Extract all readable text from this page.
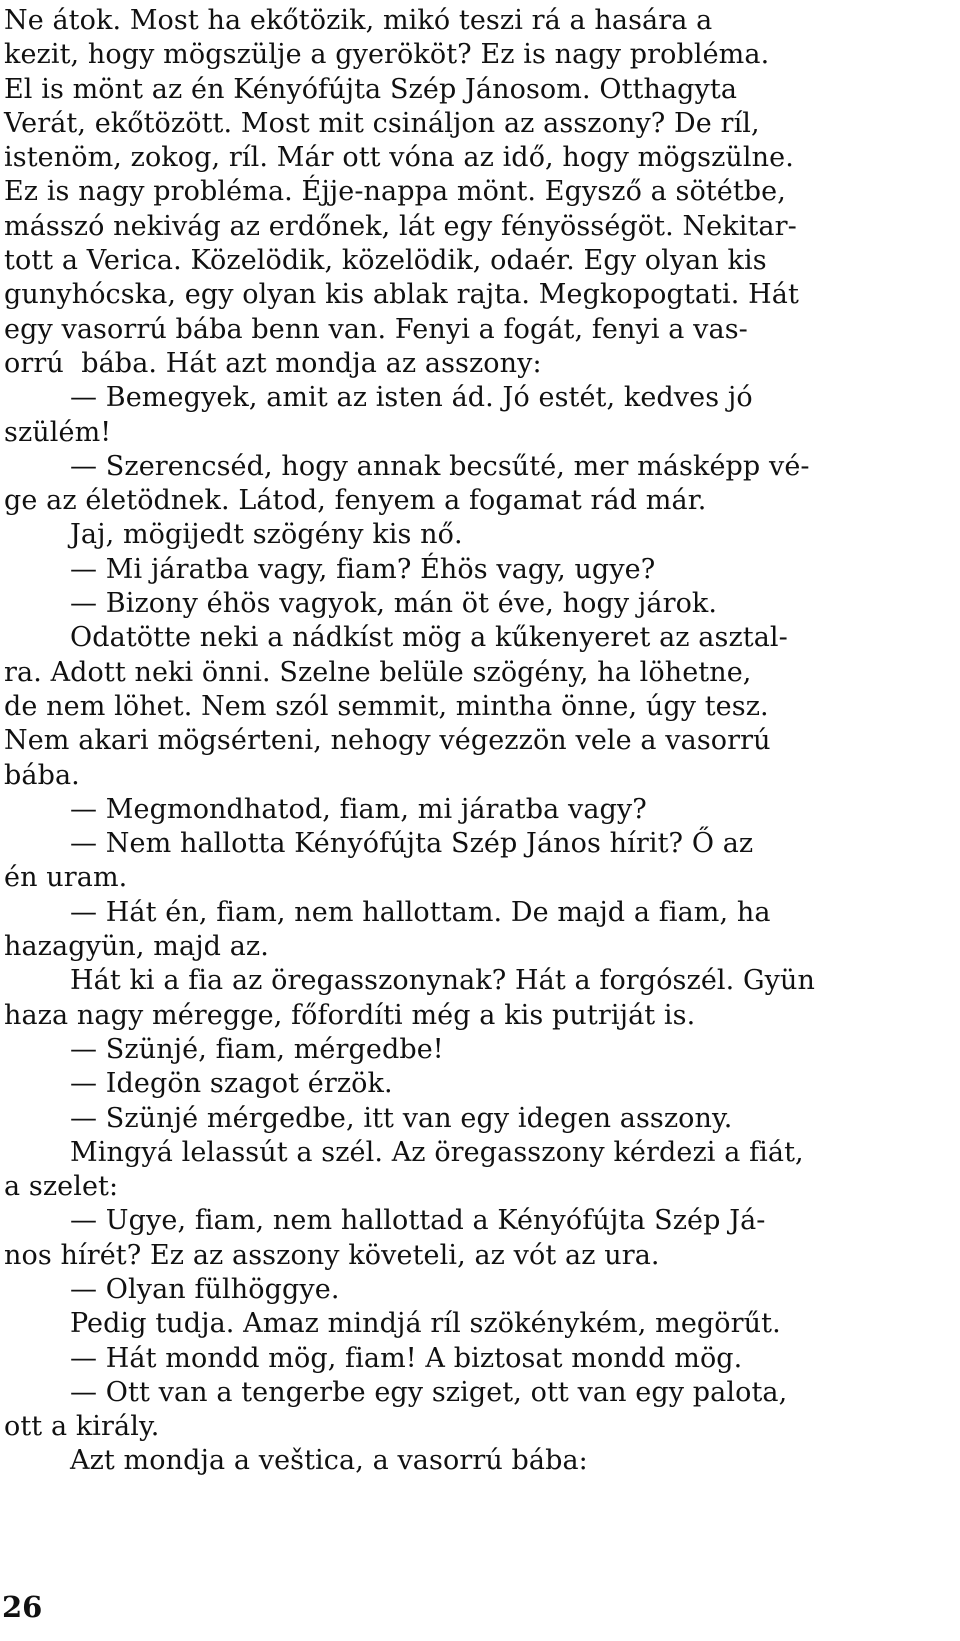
Ne átok. Most ha ekőtözik, mikó teszi rá a hasára a
kezit, hogy mögszülje a gyerököt? Ez is nagy probléma.
El is mönt az én Kényófújta Szép Jánosom. Otthagyta
Verát, ekőtözött. Most mit csináljon az asszony? De ríl,
istenöm, zokog, ríl. Már ott vóna az idő, hogy mögszülne.
Ez is nagy probléma. Éjje-nappa mönt. Egysző a sötétbe,
másszó nekivág az erdőnek, lát egy fényösségöt. Nekitar-
tott a Verica. Közelödik, közelödik, odaér. Egy olyan kis
gunyhócska, egy olyan kis ablak rajta. Megkopogtati. Hát
egy vasorrú bába benn van. Fenyi a fogát, fenyi a vas-
orrú  bába. Hát azt mondja az asszony:
— Bemegyek, amit az isten ád. Jó estét, kedves jó
szülém!
— Szerencséd, hogy annak becsűté, mer másképp vé-
ge az életödnek. Látod, fenyem a fogamat rád már.
Jaj, mögijedt szögény kis nő.
— Mi járatba vagy, fiam? Éhös vagy, ugye?
— Bizony éhös vagyok, mán öt éve, hogy járok.
Odatötte neki a nádkíst mög a kűkenyeret az asztal-
ra. Adott neki önni. Szelne belüle szögény, ha löhetne,
de nem löhet. Nem szól semmit, mintha önne, úgy tesz.
Nem akari mögsérteni, nehogy végezzön vele a vasorrú
bába.
— Megmondhatod, fiam, mi járatba vagy?
— Nem hallotta Kényófújta Szép János hírit? Ő az
én uram.
— Hát én, fiam, nem hallottam. De majd a fiam, ha
hazagyün, majd az.
Hát ki a fia az öregasszonynak? Hát a forgószél. Gyün
haza nagy méregge, főfordíti még a kis putriját is.
— Szünjé, fiam, mérgedbe!
— Idegön szagot érzök.
— Szünjé mérgedbe, itt van egy idegen asszony.
Mingyá lelassút a szél. Az öregasszony kérdezi a fiát,
a szelet:
— Ugye, fiam, nem hallottad a Kényófújta Szép Já-
nos hírét? Ez az asszony követeli, az vót az ura.
— Olyan fülhöggye.
Pedig tudja. Amaz mindjá ríl szökénykém, megörűt.
— Hát mondd mög, fiam! A biztosat mondd mög.
— Ott van a tengerbe egy sziget, ott van egy palota,
ott a király.
Azt mondja a veštica, a vasorrú bába:
26
